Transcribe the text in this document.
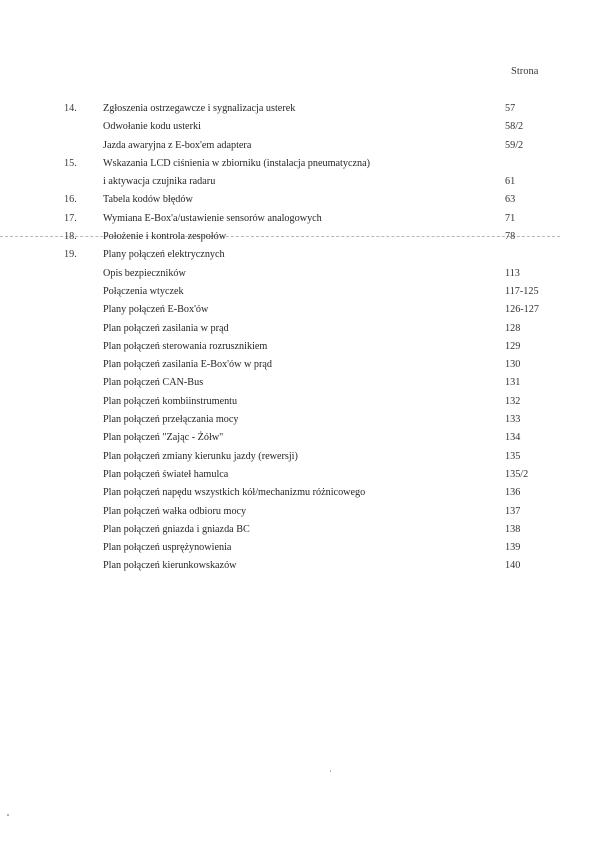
Strona
14.	Zgłoszenia ostrzegawcze i sygnalizacja usterek	57
Odwołanie kodu usterki	58/2
Jazda awaryjna z E-box'em adaptera	59/2
15.	Wskazania LCD ciśnienia w zbiorniku (instalacja pneumatyczna)
i aktywacja czujnika radaru	61
16.	Tabela kodów błędów	63
17.	Wymiana E-Box'a/ustawienie sensorów analogowych	71
18.	Położenie i kontrola zespołów	78
19.	Plany połączeń elektrycznych
Opis bezpieczników	113
Połączenia wtyczek	117-125
Plany połączeń E-Box'ów	126-127
Plan połączeń zasilania w prąd	128
Plan połączeń sterowania rozrusznikiem	129
Plan połączeń zasilania E-Box'ów w prąd	130
Plan połączeń CAN-Bus	131
Plan połączeń kombiinstrumentu	132
Plan połączeń przełączania mocy	133
Plan połączeń "Zając - Żółw"	134
Plan połączeń zmiany kierunku jazdy (rewersji)	135
Plan połączeń świateł hamulca	135/2
Plan połączeń napędu wszystkich kół/mechanizmu różnicowego	136
Plan połączeń wałka odbioru mocy	137
Plan połączeń gniazda i gniazda BC	138
Plan połączeń usprężynowienia	139
Plan połączeń kierunkowskazów	140
